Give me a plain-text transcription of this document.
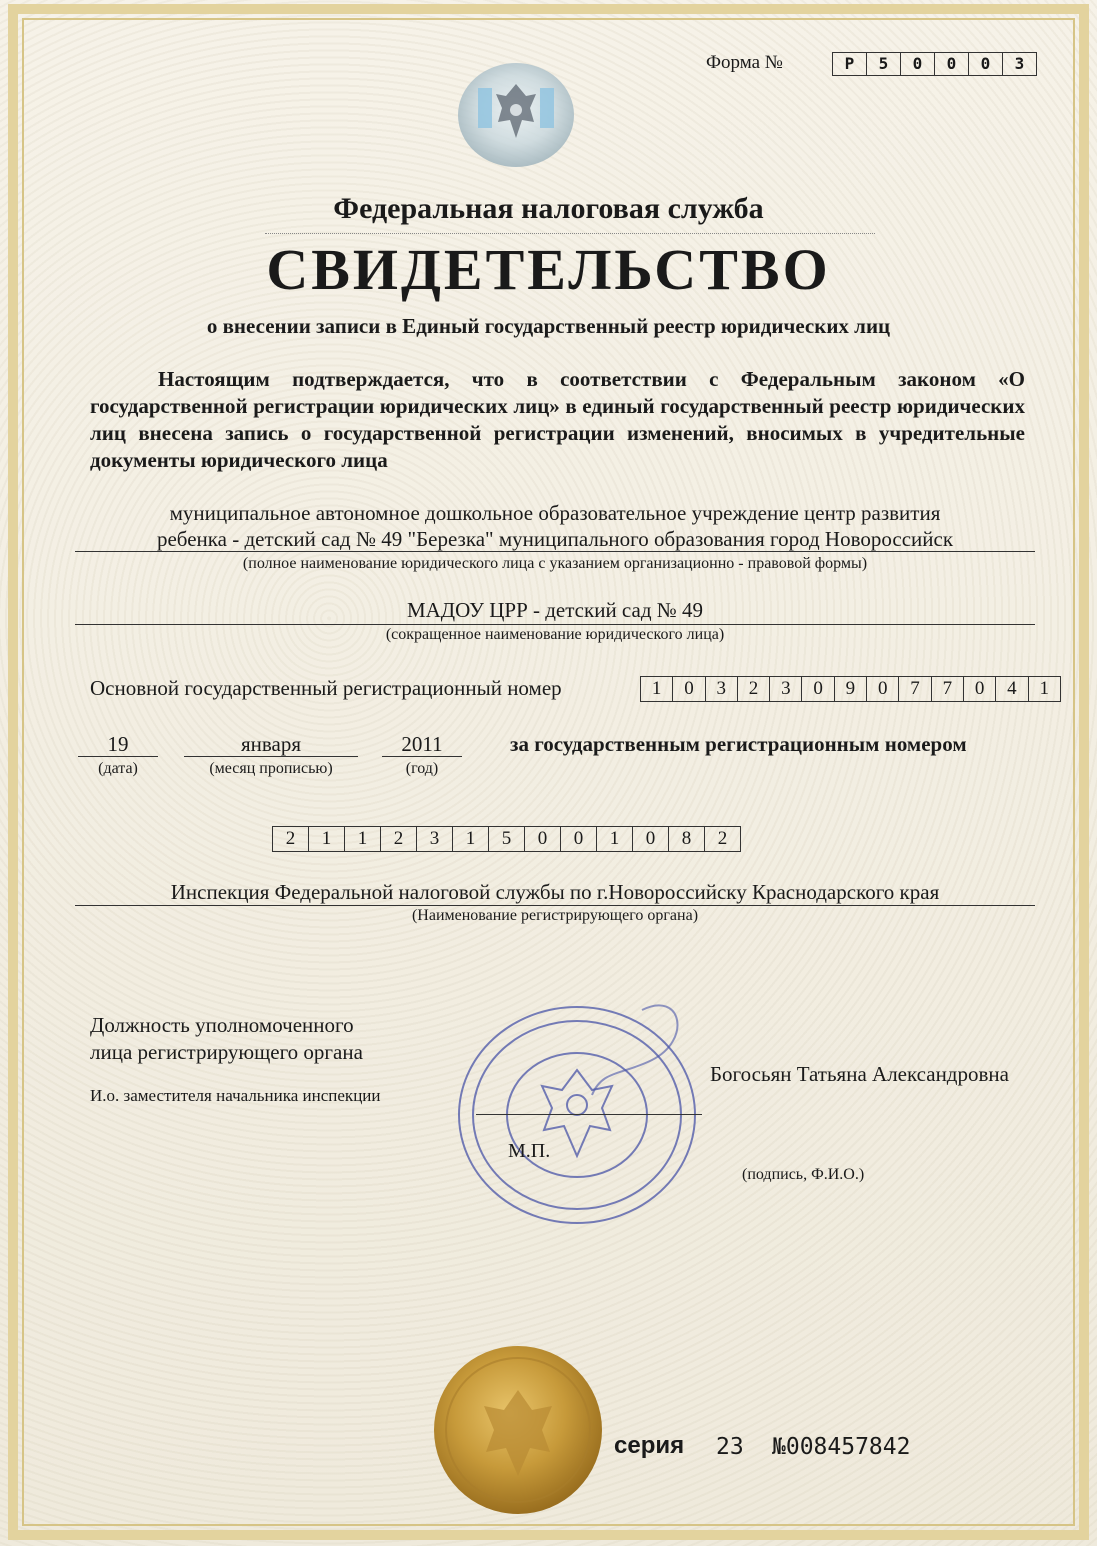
Форма №	Р	5	0	0	0	3
Федеральная налоговая служба
СВИДЕТЕЛЬСТВО
о внесении записи в Единый государственный реестр юридических лиц
Настоящим подтверждается, что в соответствии с Федеральным законом «О государственной регистрации юридических лиц» в единый государственный реестр юридических лиц внесена запись о государственной регистрации изменений, вносимых в учредительные документы юридического лица
муниципальное автономное дошкольное образовательное учреждение центр развития
ребенка - детский сад № 49 "Березка" муниципального образования город Новороссийск
(полное наименование юридического лица с указанием организационно - правовой формы)
МАДОУ ЦРР - детский сад № 49
(сокращенное наименование юридического лица)
Основной государственный регистрационный номер	1	0	3	2	3	0	9	0	7	7	0	4	1
19
(дата)
января
(месяц прописью)
2011
(год)
за государственным регистрационным номером
2	1	1	2	3	1	5	0	0	1	0	8	2
Инспекция Федеральной налоговой службы по г.Новороссийску Краснодарского края
(Наименование регистрирующего органа)
Должность уполномоченного
лица регистрирующего органа
И.о. заместителя начальника инспекции
Богосьян Татьяна Александровна
М.П.
(подпись, Ф.И.О.)
серия 23 №008457842
